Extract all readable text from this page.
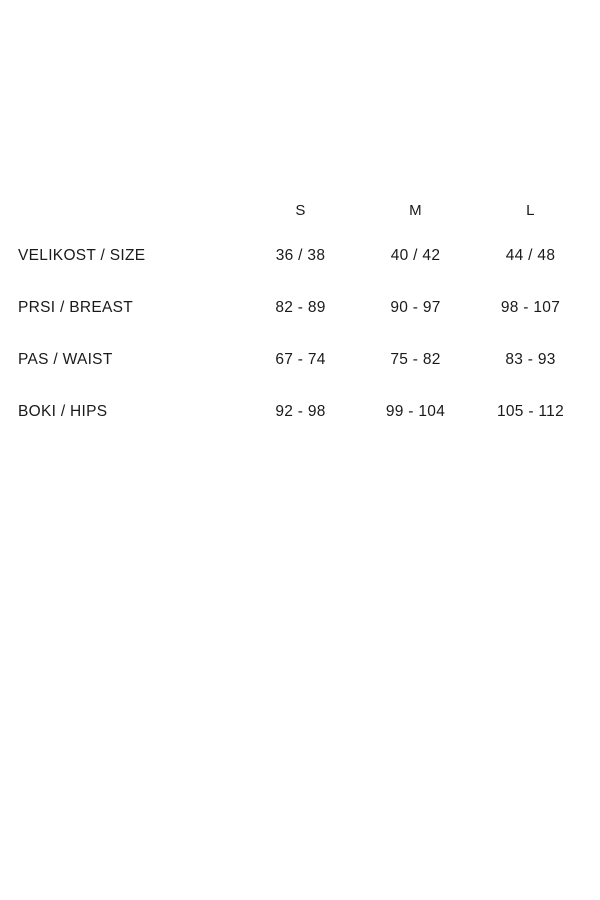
	S	M	L
VELIKOST / SIZE	36 / 38	40 / 42	44 / 48
PRSI / BREAST	82 - 89	90 - 97	98 - 107
PAS / WAIST	67 - 74	75 - 82	83 - 93
BOKI / HIPS	92 - 98	99 - 104	105 - 112
